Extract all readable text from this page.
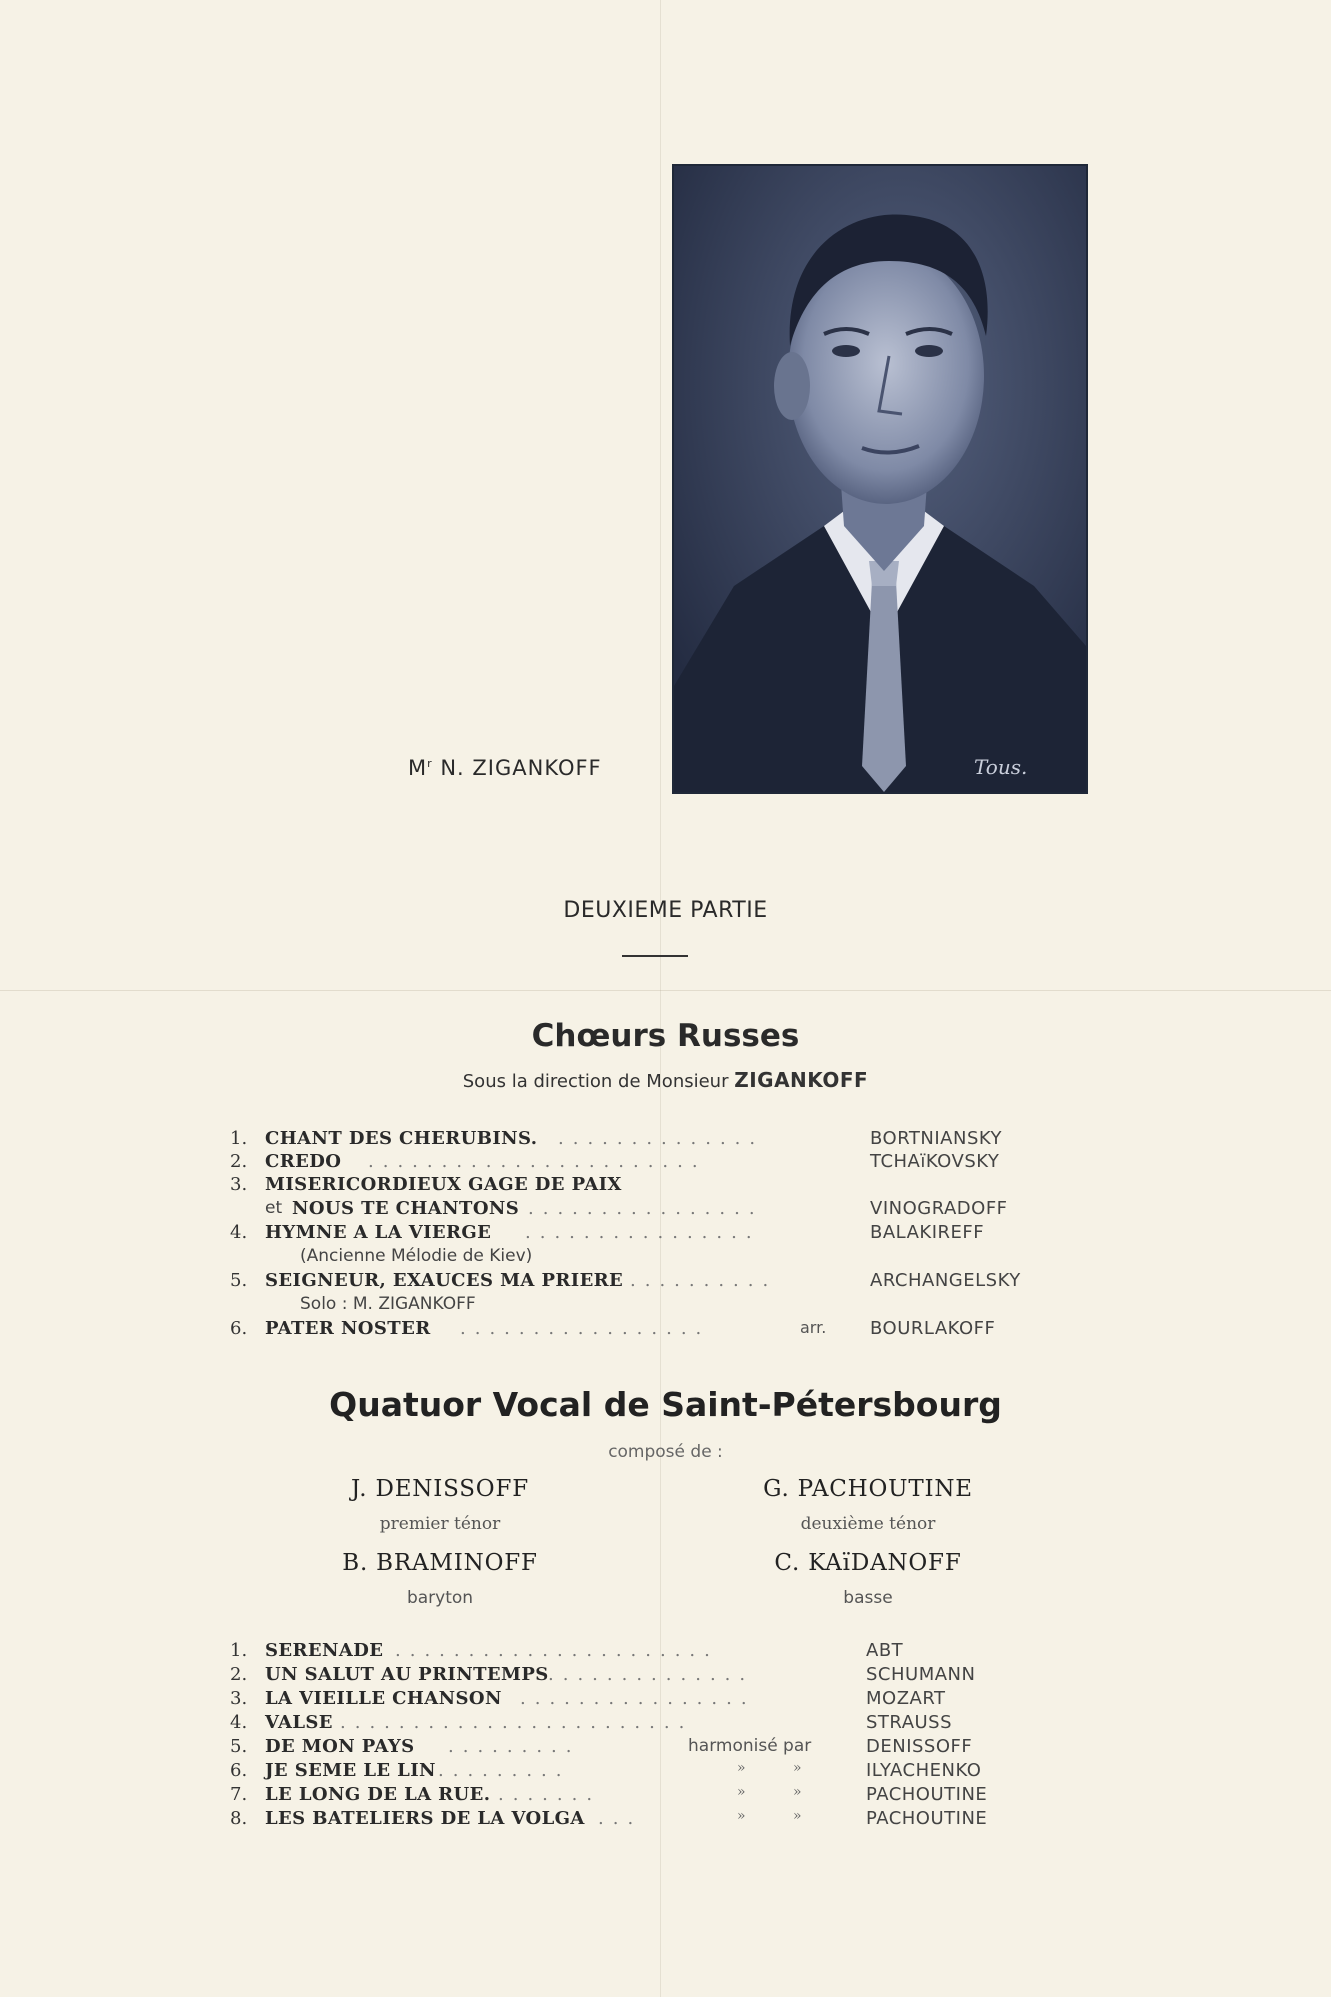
Tous.
$M^r$ N. ZIGANKOFF
DEUXIEME PARTIE
Chœurs Russes
Sous la direction de Monsieur ZIGANKOFF
1. CHANT DES CHERUBINS. ..............	BORTNIANSKY
2. CREDO .......................	TCHAïKOVSKY
3. MISERICORDIEUX GAGE DE PAIX
et NOUS TE CHANTONS ................	VINOGRADOFF
4. HYMNE A LA VIERGE ................	BALAKIREFF
(Ancienne Mélodie de Kiev)
5. SEIGNEUR, EXAUCES MA PRIERE ..........	ARCHANGELSKY
Solo : M. ZIGANKOFF
6. PATER NOSTER .................	arr. BOURLAKOFF
Quatuor Vocal de Saint-Pétersbourg
composé de :
J. DENISSOFF
premier ténor
G. PACHOUTINE
deuxième ténor
B. BRAMINOFF
baryton
C. KAïDANOFF
basse
1. SERENADE ......................	ABT
2. UN SALUT AU PRINTEMPS ..............	SCHUMANN
3. LA VIEILLE CHANSON ................	MOZART
4. VALSE ........................	STRAUSS
5. DE MON PAYS .........	harmonisé par	DENISSOFF
6. JE SEME LE LIN .........	»	»	ILYACHENKO
7. LE LONG DE LA RUE. .......	»	»	PACHOUTINE
8. LES BATELIERS DE LA VOLGA ...	»	»	PACHOUTINE
